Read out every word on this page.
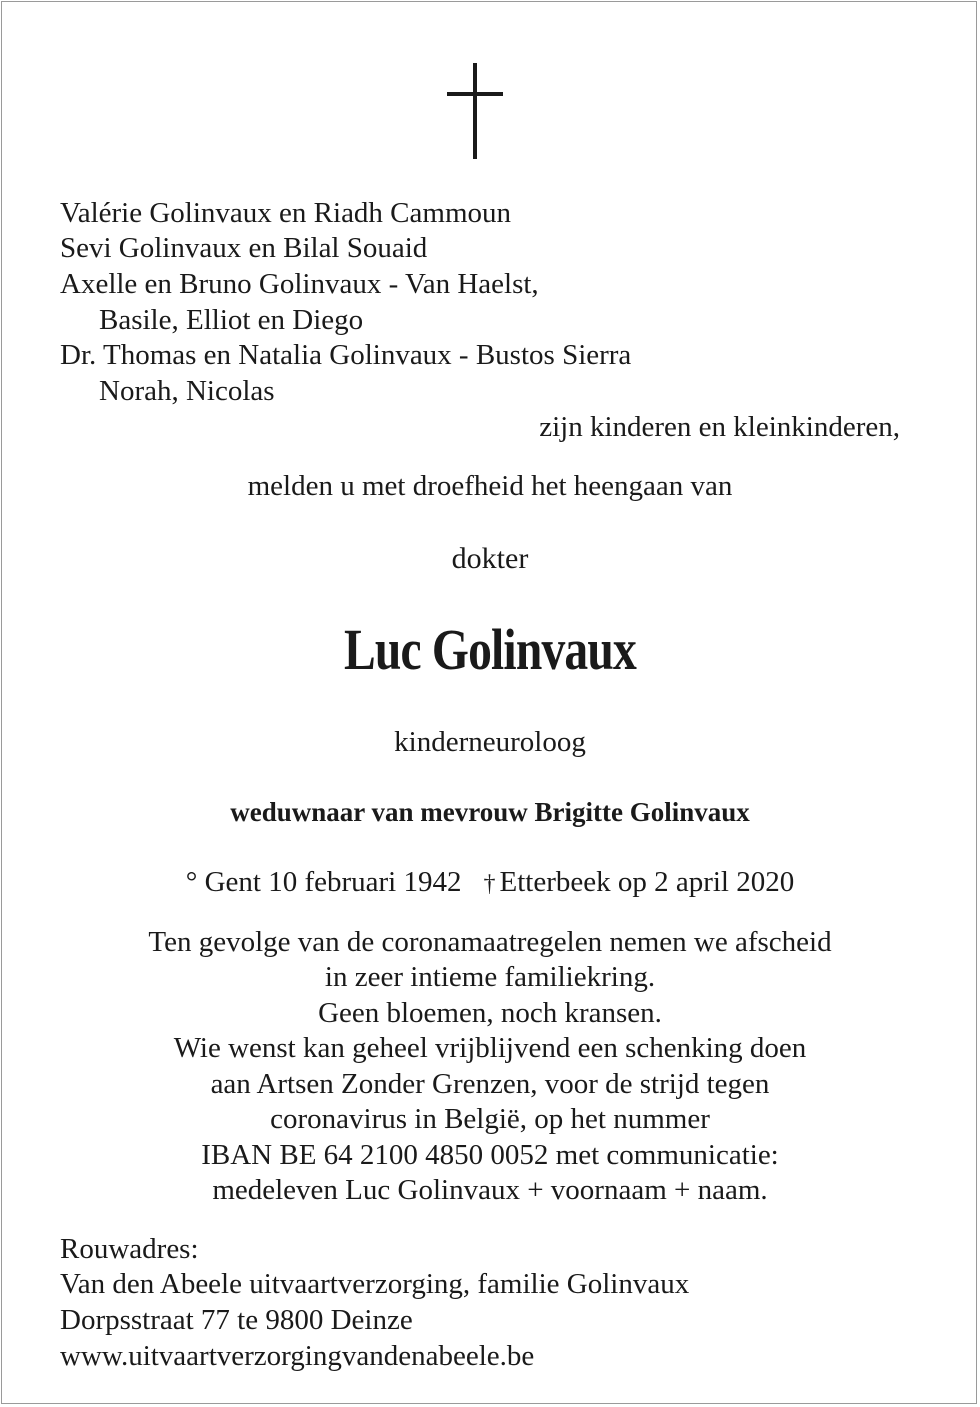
Valérie Golinvaux en Riadh Cammoun
Sevi Golinvaux en Bilal Souaid
Axelle en Bruno Golinvaux - Van Haelst,
Basile, Elliot en Diego
Dr. Thomas en Natalia Golinvaux - Bustos Sierra
Norah, Nicolas
zijn kinderen en kleinkinderen,
melden u met droefheid het heengaan van
dokter
Luc Golinvaux
kinderneuroloog
weduwnaar van mevrouw Brigitte Golinvaux
° Gent 10 februari 1942 † Etterbeek op 2 april 2020
Ten gevolge van de coronamaatregelen nemen we afscheid
in zeer intieme familiekring.
Geen bloemen, noch kransen.
Wie wenst kan geheel vrijblijvend een schenking doen
aan Artsen Zonder Grenzen, voor de strijd tegen
coronavirus in België, op het nummer
IBAN BE 64 2100 4850 0052 met communicatie:
medeleven Luc Golinvaux + voornaam + naam.
Rouwadres:
Van den Abeele uitvaartverzorging, familie Golinvaux
Dorpsstraat 77 te 9800 Deinze
www.uitvaartverzorgingvandenabeele.be
